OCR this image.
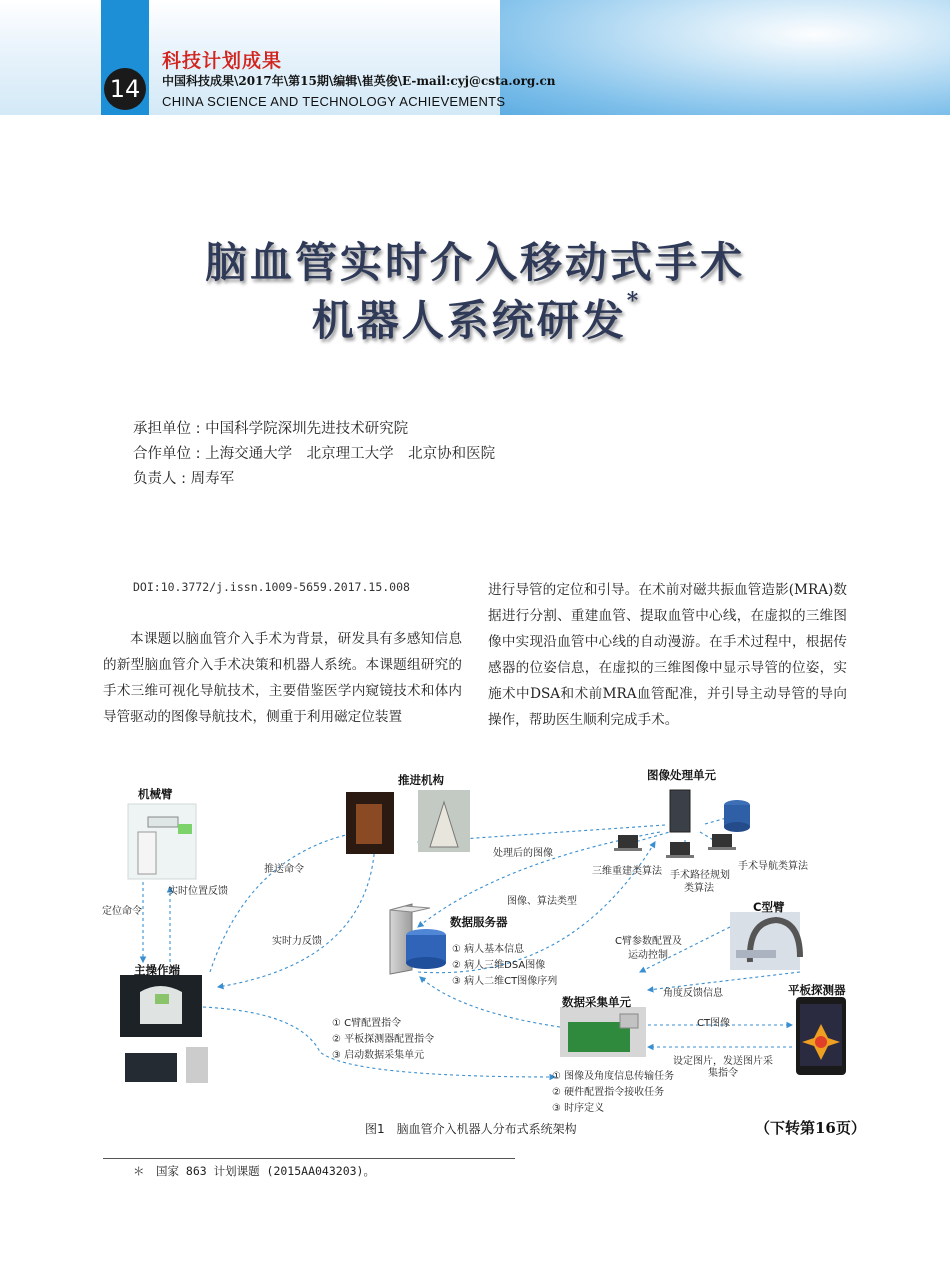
14
科技计划成果
中国科技成果\2017年\第15期\编辑\崔英俊\E-mail:cyj@csta.org.cn
CHINA SCIENCE AND TECHNOLOGY ACHIEVEMENTS
脑血管实时介入移动式手术
机器人系统研发*
承担单位 : 中国科学院深圳先进技术研究院
合作单位 : 上海交通大学　北京理工大学　北京协和医院
负责人 : 周寿军
DOI:10.3772/j.issn.1009-5659.2017.15.008
本课题以脑血管介入手术为背景，研发具有多感知信息的新型脑血管介入手术决策和机器人系统。本课题组研究的手术三维可视化导航技术，主要借鉴医学内窥镜技术和体内导管驱动的图像导航技术，侧重于利用磁定位装置
进行导管的定位和引导。在术前对磁共振血管造影(MRA)数据进行分割、重建血管、提取血管中心线，在虚拟的三维图像中实现沿血管中心线的自动漫游。在手术过程中，根据传感器的位姿信息，在虚拟的三维图像中显示导管的位姿，实施术中DSA和术前MRA血管配准，并引导主动导管的导向操作，帮助医生顺利完成手术。
机械臂
推进机构	图像处理单元
数据服务器
C型臂
主操作端
数据采集单元
平板探测器
实时位置反馈
定位命令
推送命令
实时力反馈
处理后的图像
图像、算法类型
三维重建类算法 手术路径规划
类算法
手术导航类算法
① 病人基本信息
② 病人三维DSA图像
③ 病人二维CT图像序列
C臂参数配置及
运动控制
角度反馈信息
CT图像
设定图片，发送图片采
集指令
① C臂配置指令
② 平板探测器配置指令
③ 启动数据采集单元
① 图像及角度信息传输任务
② 硬件配置指令接收任务
③ 时序定义
图1　脑血管介入机器人分布式系统架构	（下转第16页）
＊　国家 863 计划课题 (2015AA043203)。
